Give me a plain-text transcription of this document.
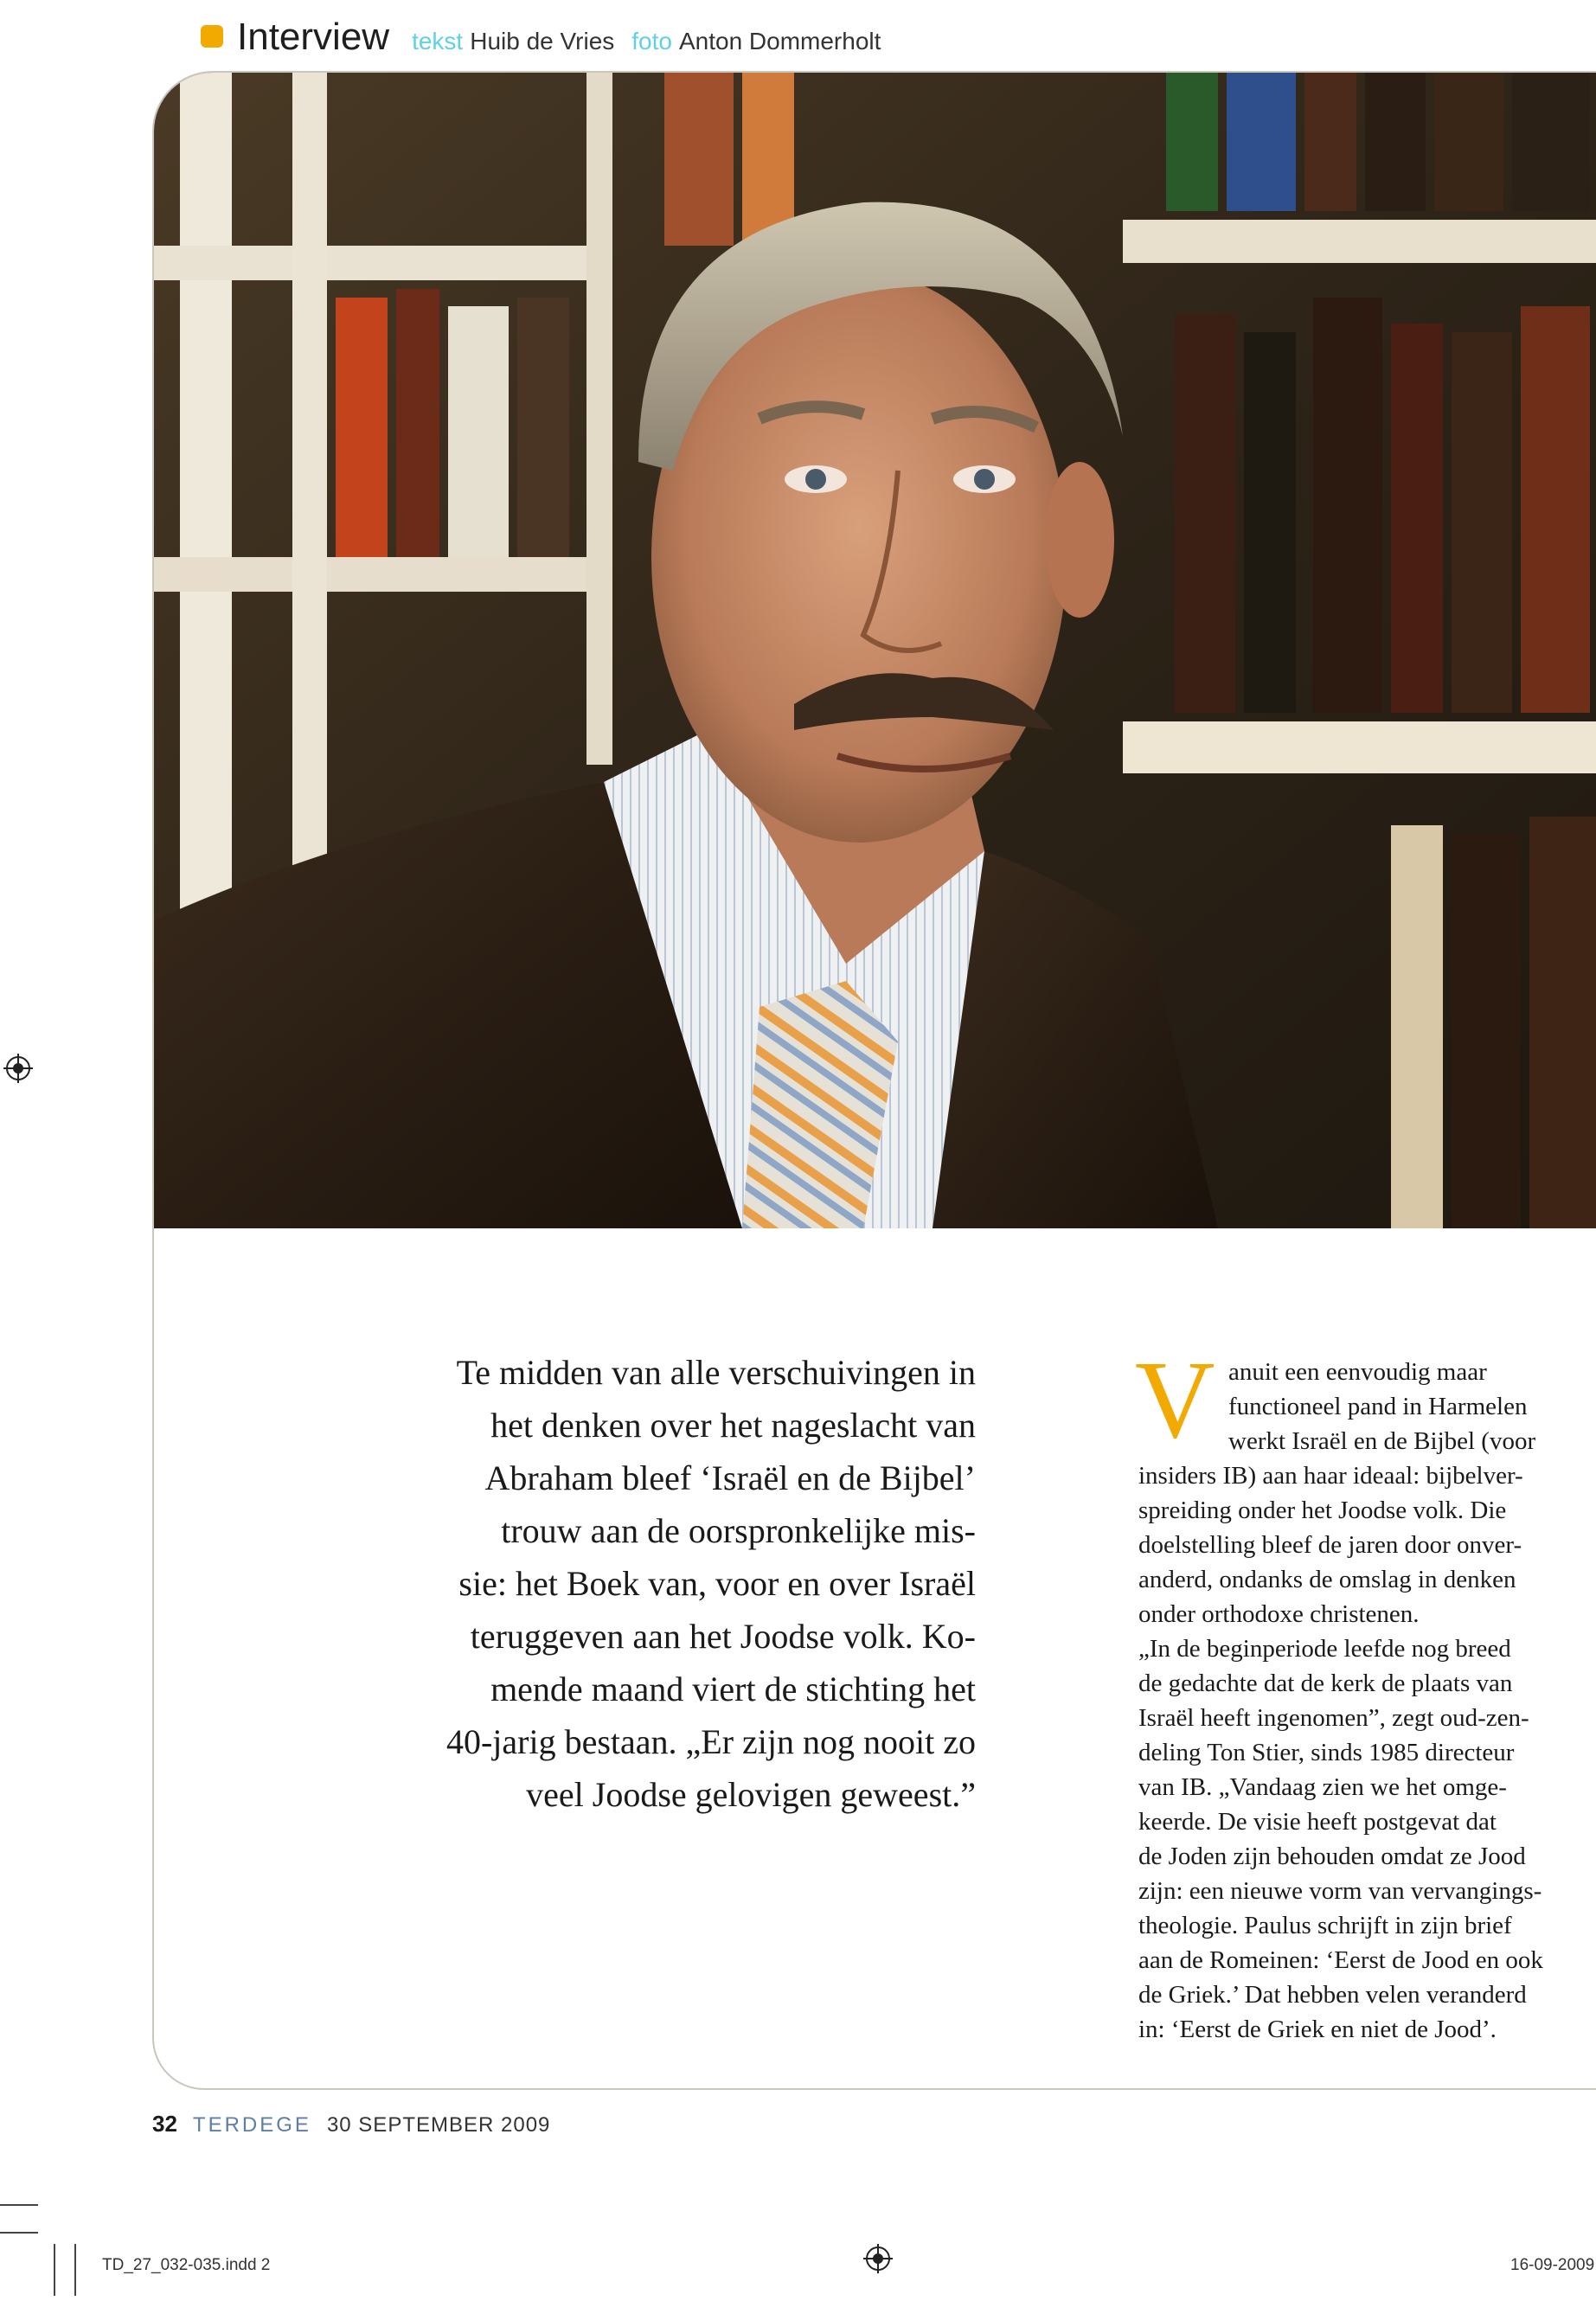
Interview tekst Huib de Vries foto Anton Dommerholt
Te midden van alle verschuivingen in
het denken over het nageslacht van
Abraham bleef ‘Israël en de Bijbel’
trouw aan de oorspronkelijke mis-
sie: het Boek van, voor en over Israël
teruggeven aan het Joodse volk. Ko-
mende maand viert de stichting het
40-jarig bestaan. „Er zijn nog nooit zo
veel Joodse gelovigen geweest.”
V anuit een eenvoudig maar
functioneel pand in Harmelen
werkt Israël en de Bijbel (voor
insiders IB) aan haar ideaal: bijbelver-
spreiding onder het Joodse volk. Die
doelstelling bleef de jaren door onver-
anderd, ondanks de omslag in denken
onder orthodoxe christenen.
„In de beginperiode leefde nog breed
de gedachte dat de kerk de plaats van
Israël heeft ingenomen”, zegt oud-zen-
deling Ton Stier, sinds 1985 directeur
van IB. „Vandaag zien we het omge-
keerde. De visie heeft postgevat dat
de Joden zijn behouden omdat ze Jood
zijn: een nieuwe vorm van vervangings-
theologie. Paulus schrijft in zijn brief
aan de Romeinen: ‘Eerst de Jood en ook
de Griek.’ Dat hebben velen veranderd
in: ‘Eerst de Griek en niet de Jood’.
32 TERDEGE 30 SEPTEMBER 2009
TD_27_032-035.indd 2	16-09-2009
